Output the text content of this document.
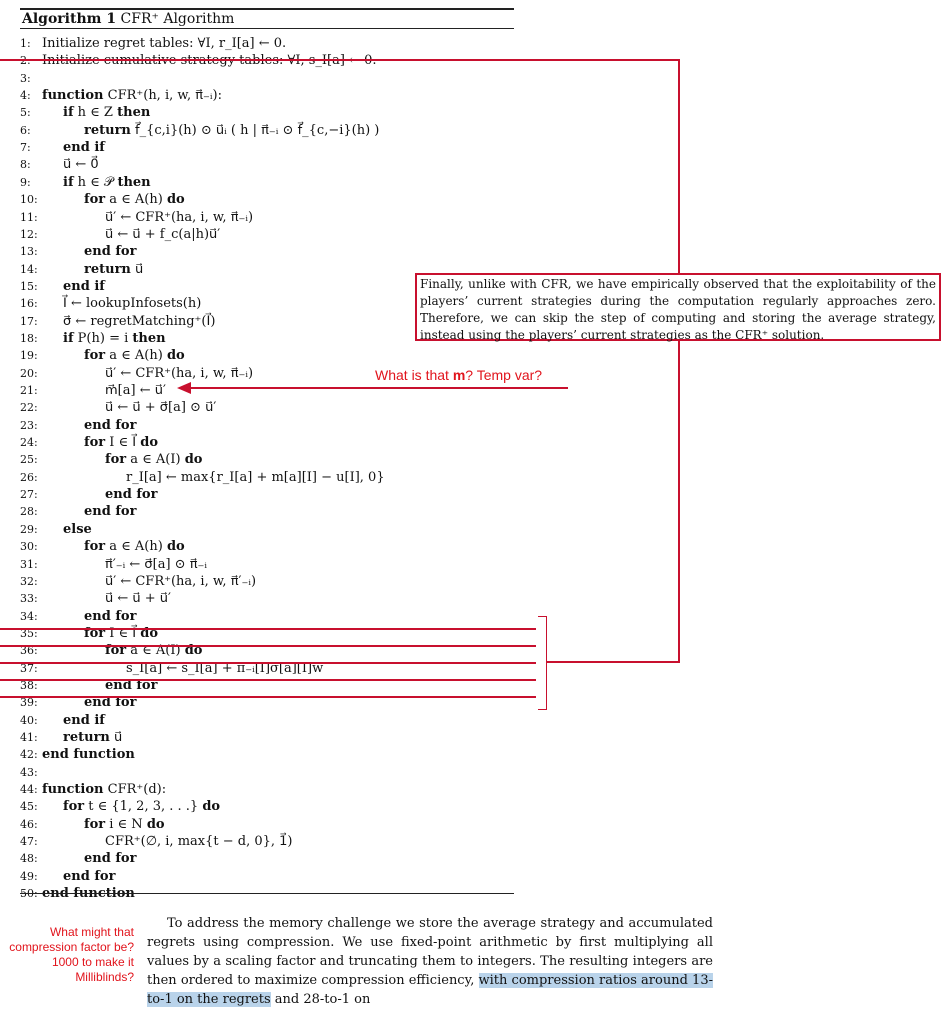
Algorithm 1 CFR⁺ Algorithm
1: Initialize regret tables: ∀I, r_I[a] ← 0.
2: Initialize cumulative strategy tables: ∀I, s_I[a] ← 0.
3:
4: function CFR⁺(h, i, w, π⃗₋ᵢ):
5: if h ∈ Z then
6:	return f⃗_{c,i}(h) ⊙ u⃗ᵢ ( h | π⃗₋ᵢ ⊙ f⃗_{c,−i}(h) )
7: end if
8: u⃗ ← 0⃗
9: if h ∈ 𝒫 then
10:	for a ∈ A(h) do
11:	u⃗′ ← CFR⁺(ha, i, w, π⃗₋ᵢ)
12:	u⃗ ← u⃗ + f_c(a|h)u⃗′
13:	end for
14:	return u⃗
15: end if
16: I⃗ ← lookupInfosets(h)
17: σ⃗ ← regretMatching⁺(I⃗)
18: if P(h) = i then
19:	for a ∈ A(h) do
20:	u⃗′ ← CFR⁺(ha, i, w, π⃗₋ᵢ)
21:	m⃗[a] ← u⃗′
22:	u⃗ ← u⃗ + σ⃗[a] ⊙ u⃗′
23:	end for
24:	for I ∈ I⃗ do
25:	for a ∈ A(I) do
26:	r_I[a] ← max{r_I[a] + m[a][I] − u[I], 0}
27:	end for
28:	end for
29: else
30:	for a ∈ A(h) do
31:	π⃗′₋ᵢ ← σ⃗[a] ⊙ π⃗₋ᵢ
32:	u⃗′ ← CFR⁺(ha, i, w, π⃗′₋ᵢ)
33:	u⃗ ← u⃗ + u⃗′
34:	end for
35:	for I ∈ I⃗ do
36:	for a ∈ A(I) do
37:	s_I[a] ← s_I[a] + π₋ᵢ[I]σ[a][I]w
38:	end for
39:	end for
40: end if
41: return u⃗
42: end function
43:
44: function CFR⁺(d):
45: for t ∈ {1, 2, 3, . . .} do
46:	for i ∈ N do
47:	CFR⁺(∅, i, max{t − d, 0}, 1⃗)
48:	end for
49: end for
50: end function
Finally, unlike with CFR, we have empirically observed that the exploitability of the players’ current strategies during the computation regularly approaches zero. Therefore, we can skip the step of computing and storing the average strategy, instead using the players’ current strategies as the CFR⁺ solution.
What is that m? Temp var?
What might that compression factor be? 1000 to make it Milliblinds?

To address the memory challenge we store the average strategy and accumulated regrets using compression. We use fixed-point arithmetic by first multiplying all values by a scaling factor and truncating them to integers. The resulting integers are then ordered to maximize compression efficiency, with compression ratios around 13-to-1 on the regrets and 28-to-1 on
